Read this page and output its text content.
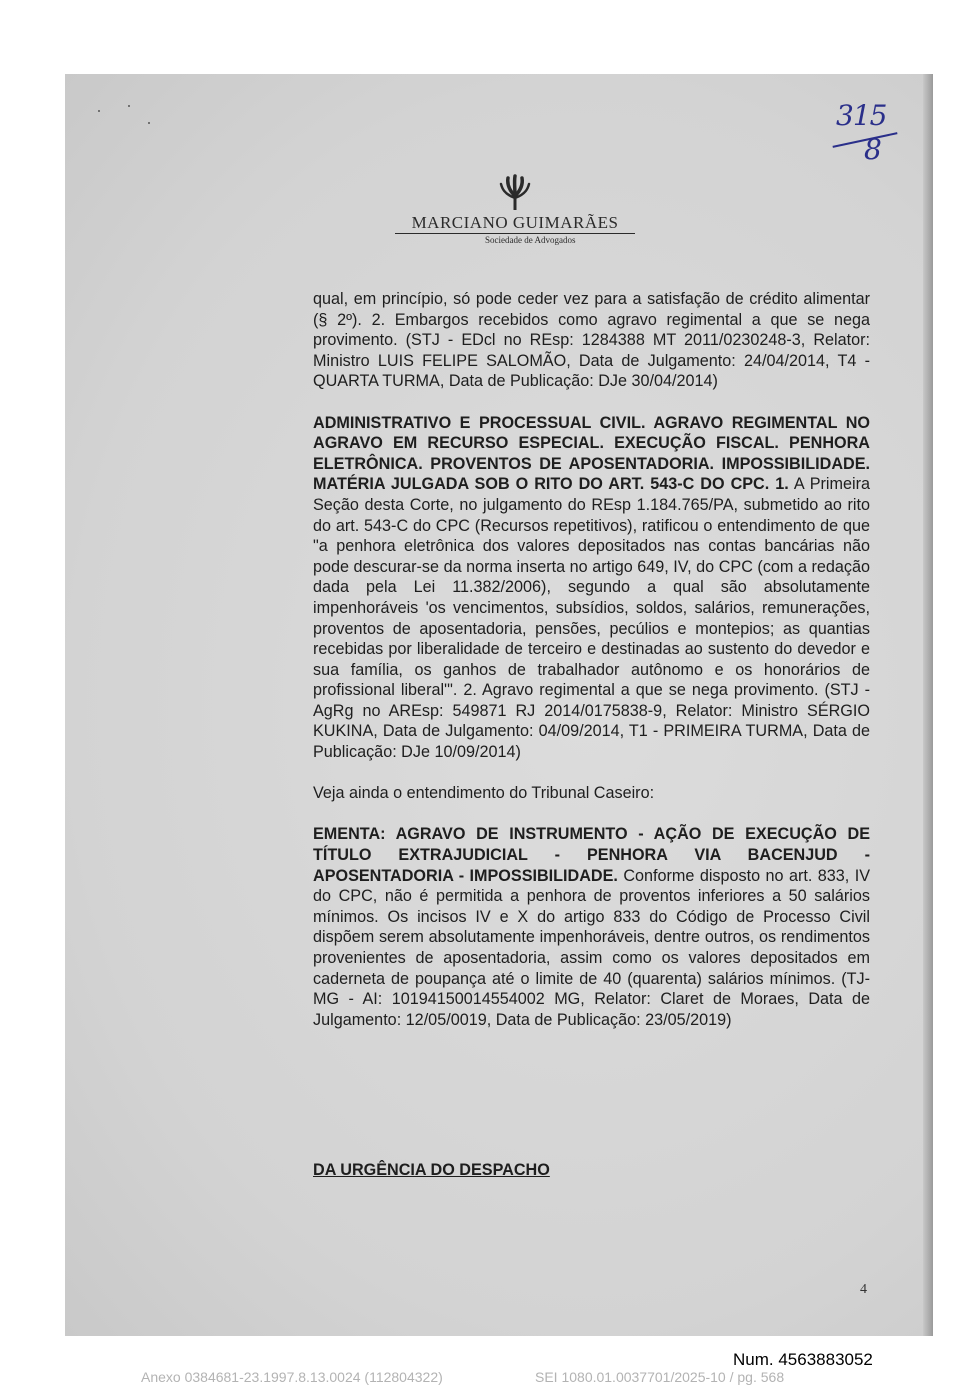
315
8
MARCIANO GUIMARÃES
Sociedade de Advogados

qual, em princípio, só pode ceder vez para a satisfação de crédito alimentar (§ 2º). 2. Embargos recebidos como agravo regimental a que se nega provimento. (STJ - EDcl no REsp: 1284388 MT 2011/0230248-3, Relator: Ministro LUIS FELIPE SALOMÃO, Data de Julgamento: 24/04/2014, T4 - QUARTA TURMA, Data de Publicação: DJe 30/04/2014)

ADMINISTRATIVO E PROCESSUAL CIVIL. AGRAVO REGIMENTAL NO AGRAVO EM RECURSO ESPECIAL. EXECUÇÃO FISCAL. PENHORA ELETRÔNICA. PROVENTOS DE APOSENTADORIA. IMPOSSIBILIDADE. MATÉRIA JULGADA SOB O RITO DO ART. 543-C DO CPC. 1. A Primeira Seção desta Corte, no julgamento do REsp 1.184.765/PA, submetido ao rito do art. 543-C do CPC (Recursos repetitivos), ratificou o entendimento de que "a penhora eletrônica dos valores depositados nas contas bancárias não pode descurar-se da norma inserta no artigo 649, IV, do CPC (com a redação dada pela Lei 11.382/2006), segundo a qual são absolutamente impenhoráveis 'os vencimentos, subsídios, soldos, salários, remunerações, proventos de aposentadoria, pensões, pecúlios e montepios; as quantias recebidas por liberalidade de terceiro e destinadas ao sustento do devedor e sua família, os ganhos de trabalhador autônomo e os honorários de profissional liberal'". 2. Agravo regimental a que se nega provimento. (STJ - AgRg no AREsp: 549871 RJ 2014/0175838-9, Relator: Ministro SÉRGIO KUKINA, Data de Julgamento: 04/09/2014, T1 - PRIMEIRA TURMA, Data de Publicação: DJe 10/09/2014)

Veja ainda o entendimento do Tribunal Caseiro:

EMENTA: AGRAVO DE INSTRUMENTO - AÇÃO DE EXECUÇÃO DE TÍTULO EXTRAJUDICIAL - PENHORA VIA BACENJUD - APOSENTADORIA - IMPOSSIBILIDADE. Conforme disposto no art. 833, IV do CPC, não é permitida a penhora de proventos inferiores a 50 salários mínimos. Os incisos IV e X do artigo 833 do Código de Processo Civil dispõem serem absolutamente impenhoráveis, dentre outros, os rendimentos provenientes de aposentadoria, assim como os valores depositados em caderneta de poupança até o limite de 40 (quarenta) salários mínimos. (TJ-MG - AI: 10194150014554002 MG, Relator: Claret de Moraes, Data de Julgamento: 12/05/0019, Data de Publicação: 23/05/2019)

DA URGÊNCIA DO DESPACHO
4
Num. 4563883052
Anexo 0384681-23.1997.8.13.0024 (112804322)	SEI 1080.01.0037701/2025-10 / pg. 568
